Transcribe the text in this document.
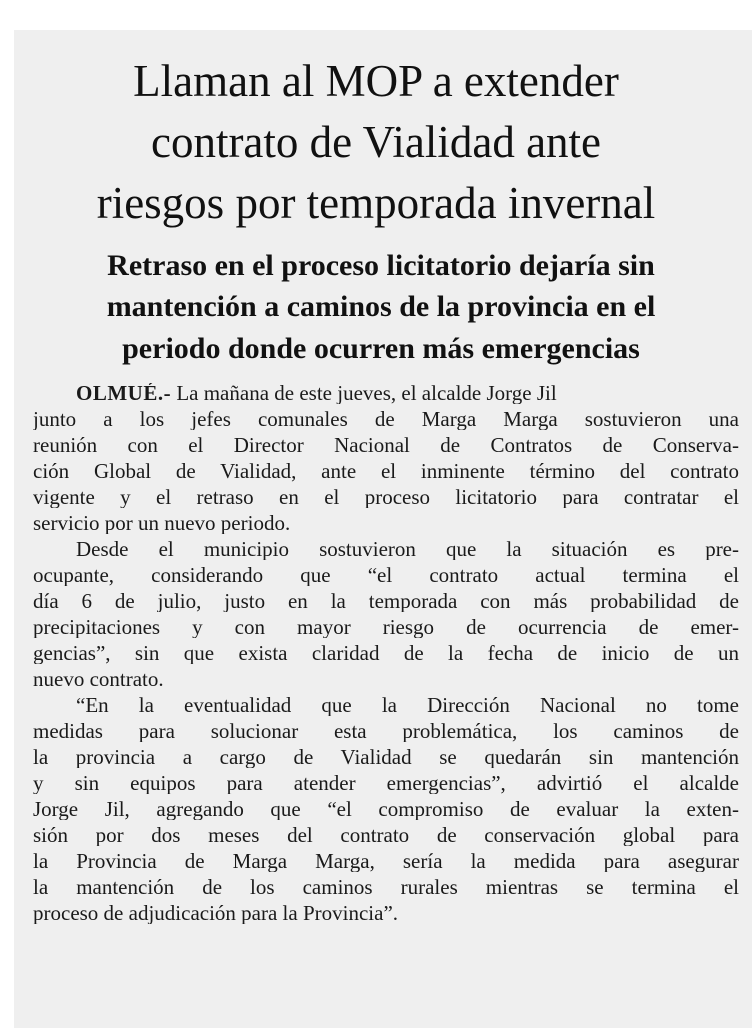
Llaman al MOP a extender
contrato de Vialidad ante
riesgos por temporada invernal
Retraso en el proceso licitatorio dejaría sin
mantención a caminos de la provincia en el
periodo donde ocurren más emergencias

OLMUÉ.- La mañana de este jueves, el alcalde Jorge Jil

junto a los jefes comunales de Marga Marga sostuvieron una

reunión con el Director Nacional de Contratos de Conserva-

ción Global de Vialidad, ante el inminente término del contrato

vigente y el retraso en el proceso licitatorio para contratar el

servicio por un nuevo periodo.

Desde el municipio sostuvieron que la situación es pre-

ocupante, considerando que “el contrato actual termina el

día 6 de julio, justo en la temporada con más probabilidad de

precipitaciones y con mayor riesgo de ocurrencia de emer-

gencias”, sin que exista claridad de la fecha de inicio de un

nuevo contrato.

“En la eventualidad que la Dirección Nacional no tome

medidas para solucionar esta problemática, los caminos de

la provincia a cargo de Vialidad se quedarán sin mantención

y sin equipos para atender emergencias”, advirtió el alcalde

Jorge Jil, agregando que “el compromiso de evaluar la exten-

sión por dos meses del contrato de conservación global para

la Provincia de Marga Marga, sería la medida para asegurar

la mantención de los caminos rurales mientras se termina el

proceso de adjudicación para la Provincia”.
